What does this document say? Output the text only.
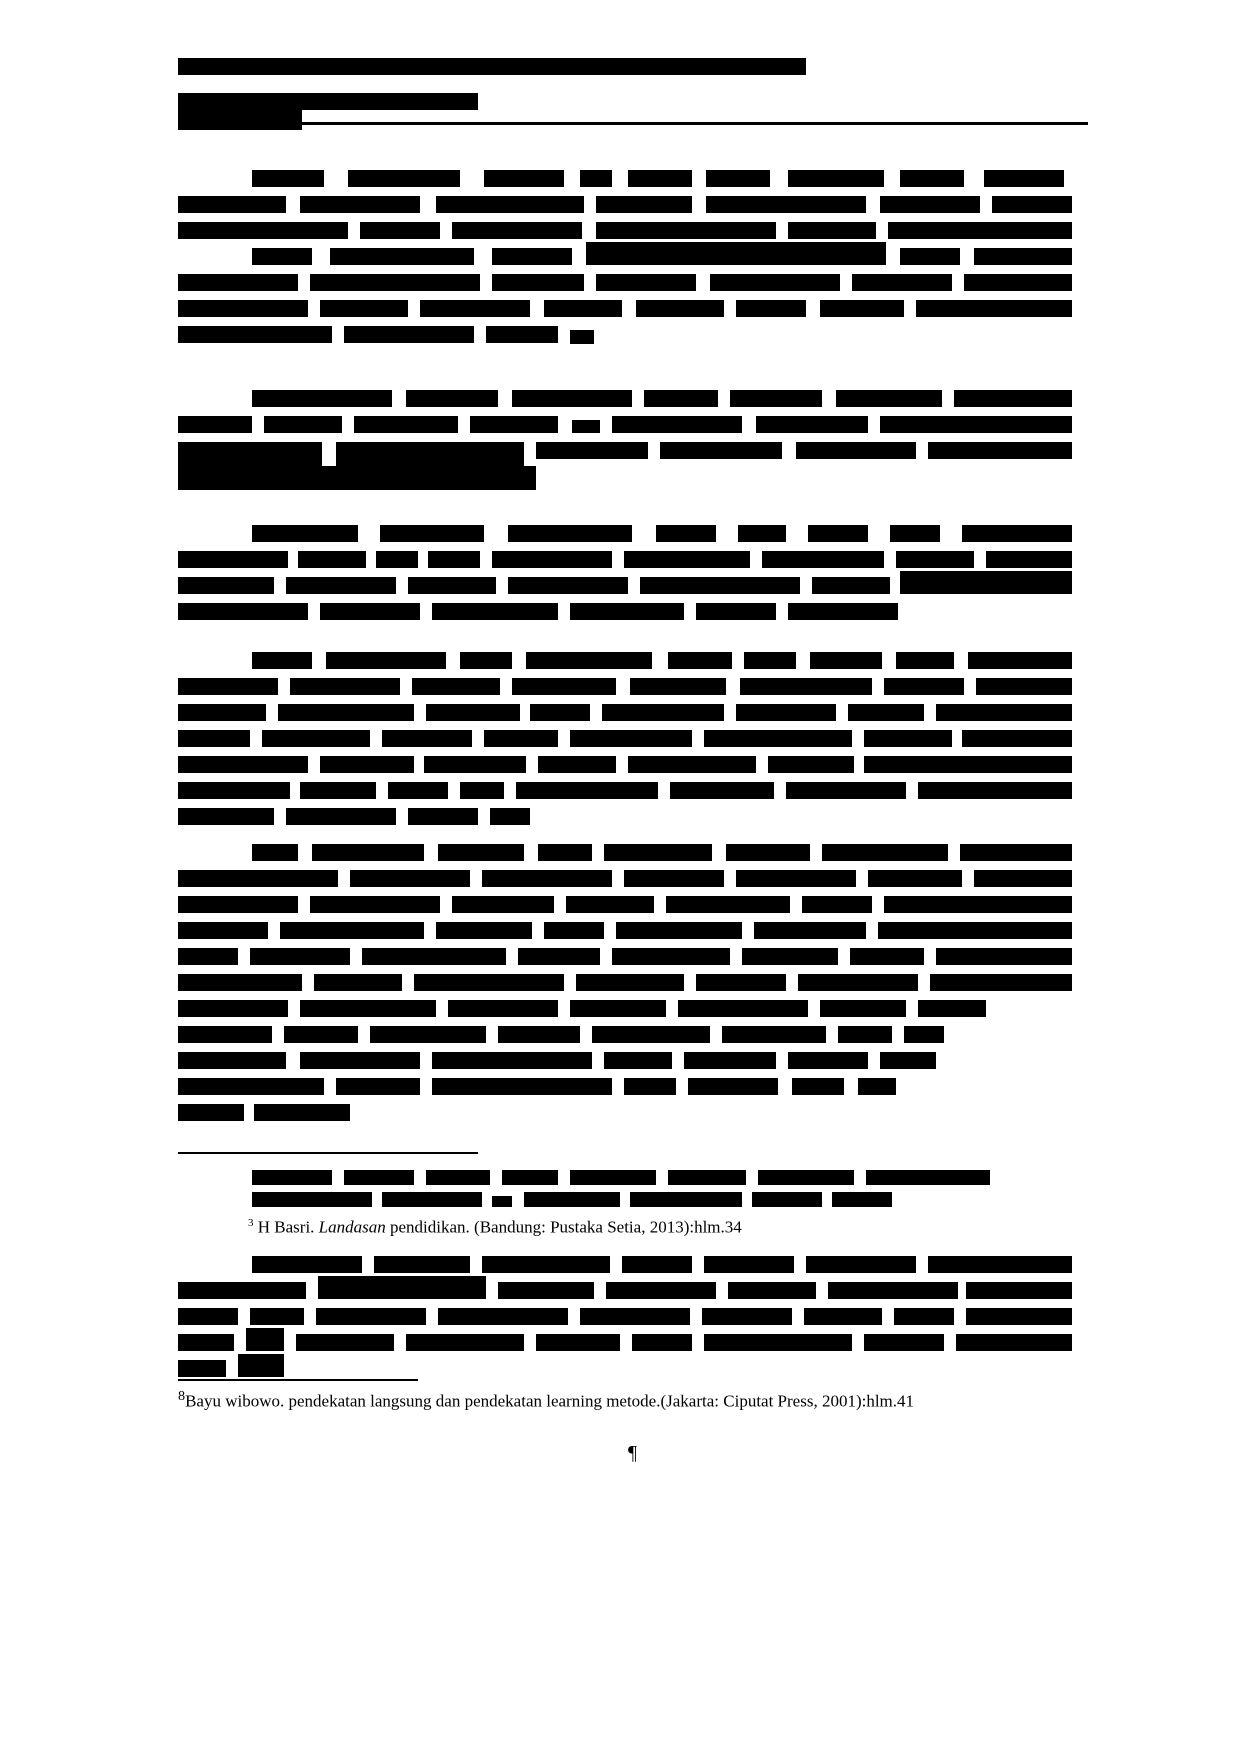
$^3$ H Basri. Landasan pendidikan. (Bandung: Pustaka Setia, 2013):hlm.34
$^8$Bayu wibowo. pendekatan langsung dan pendekatan learning metode.(Jakarta: Ciputat Press, 2001):hlm.41
¶
